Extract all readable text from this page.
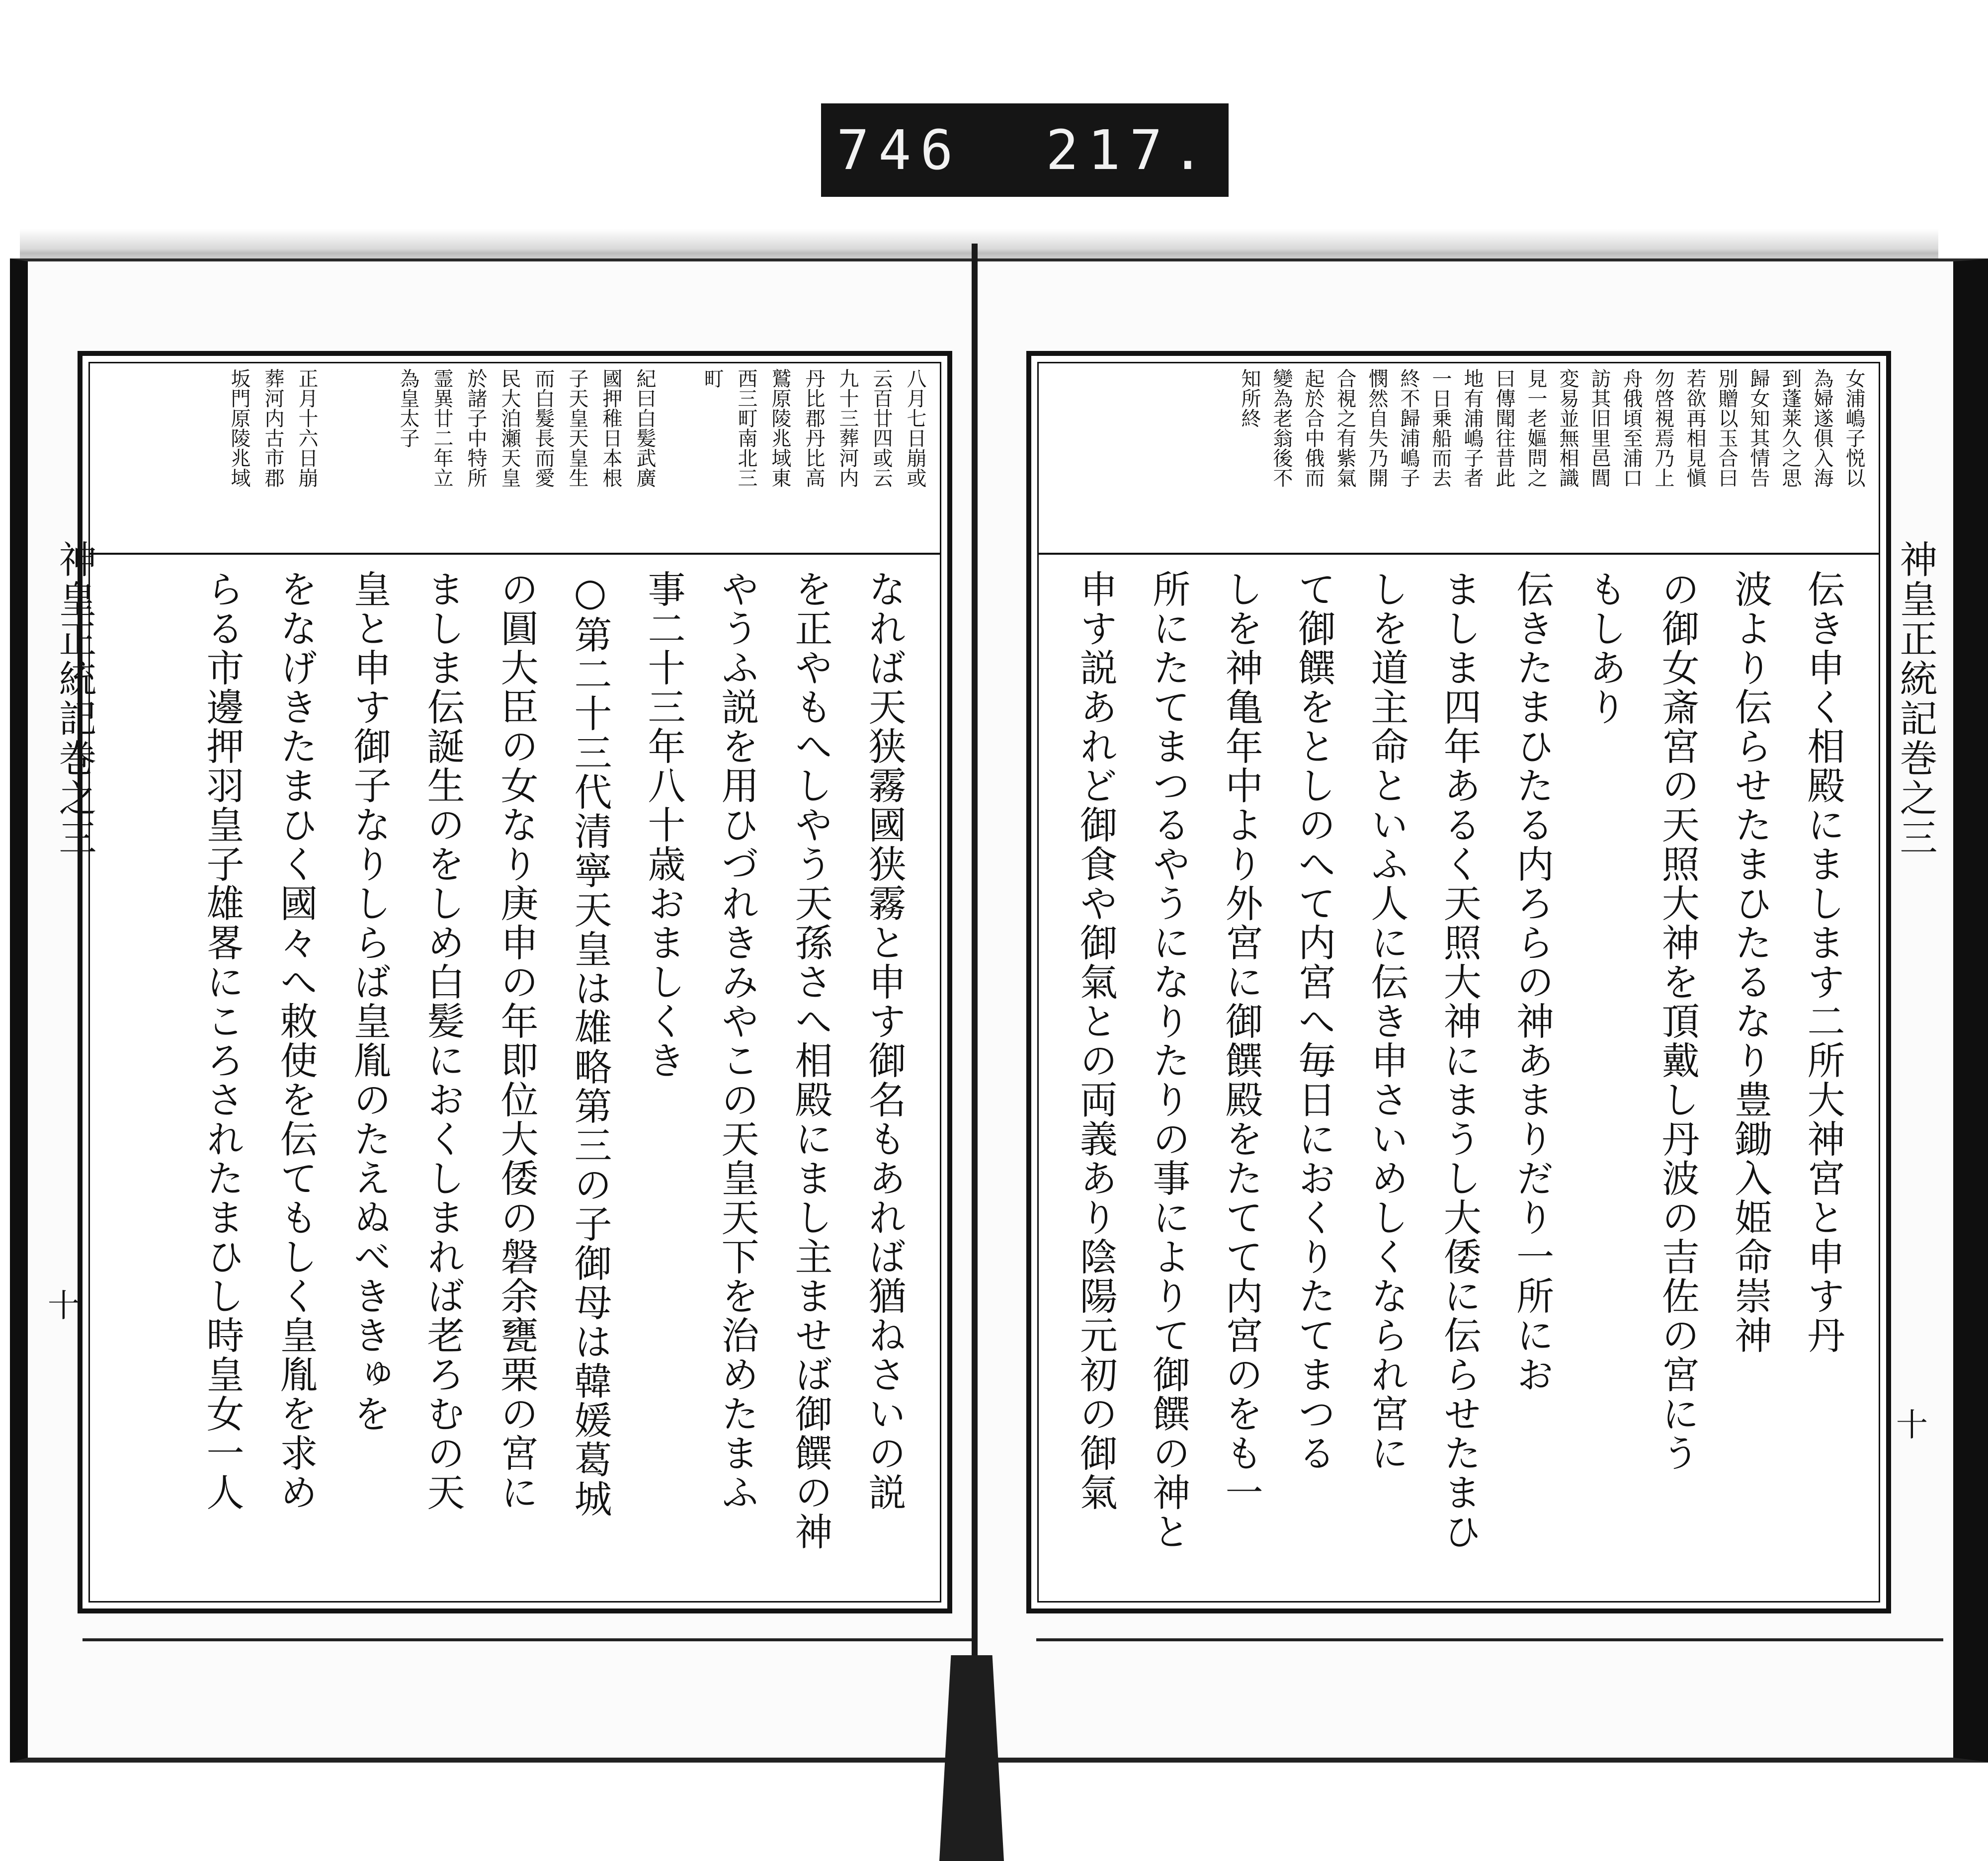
746  217.
八月七日崩或
云百廿四或云
九十三葬河内
丹比郡丹比高
鷲原陵兆域東
西三町南北三
町
紀曰白髪武廣
國押稚日本根
子天皇天皇生
而白髮長而愛
民大泊瀬天皇
於諸子中特所
霊異廿二年立
為皇太子
正月十六日崩
葬河内古市郡
坂門原陵兆域
なれば天狭霧國狭霧と申す御名もあれば猶ねさいの説
を正やもへしやう天孫さへ相殿にまし主ませば御饌の神
やうふ説を用ひづれきみやこの天皇天下を治めたまふ
事二十三年八十歳おましくき
○第二十三代清寧天皇は雄略第三の子御母は韓媛葛城
の圓大臣の女なり庚申の年即位大倭の磐余甕栗の宮に
ましま伝誕生のをしめ白髪におくしまれば老ろむの天
皇と申す御子なりしらば皇胤のたえぬべききゅを
をなげきたまひく國々へ敕使を伝てもしく皇胤を求め
らる市邊押羽皇子雄畧にころされたまひし時皇女一人
神皇正統記巻之三
十
女浦嶋子悦以
為婦遂俱入海
到蓬莱久之思
歸女知其情告
別贈以玉合曰
若欲再相見愼
勿啓視焉乃上
舟俄頃至浦口
訪其旧里邑閭
変易並無相識
見一老嫗問之
曰傳聞往昔此
地有浦嶋子者
一日乗船而去
終不歸浦嶋子
憫然自失乃開
合視之有紫氣
起於合中俄而
變為老翁後不
知所終
伝き申く相殿にまします二所大神宮と申す丹
波より伝らせたまひたるなり豊鋤入姫命崇神
の御女斎宮の天照大神を頂戴し丹波の吉佐の宮にう
もしあり
伝きたまひたる内ろらの神あまりだり一所にお
ましま四年あるく天照大神にまうし大倭に伝らせたまひ
しを道主命といふ人に伝き申さいめしくなられ宮に
て御饌をとしのへて内宮へ毎日におくりたてまつる
しを神亀年中より外宮に御饌殿をたてて内宮のをも一
所にたてまつるやうになりたりの事によりて御饌の神と
申す説あれど御食や御氣との両義あり陰陽元初の御氣	神皇正統記巻之三
十
